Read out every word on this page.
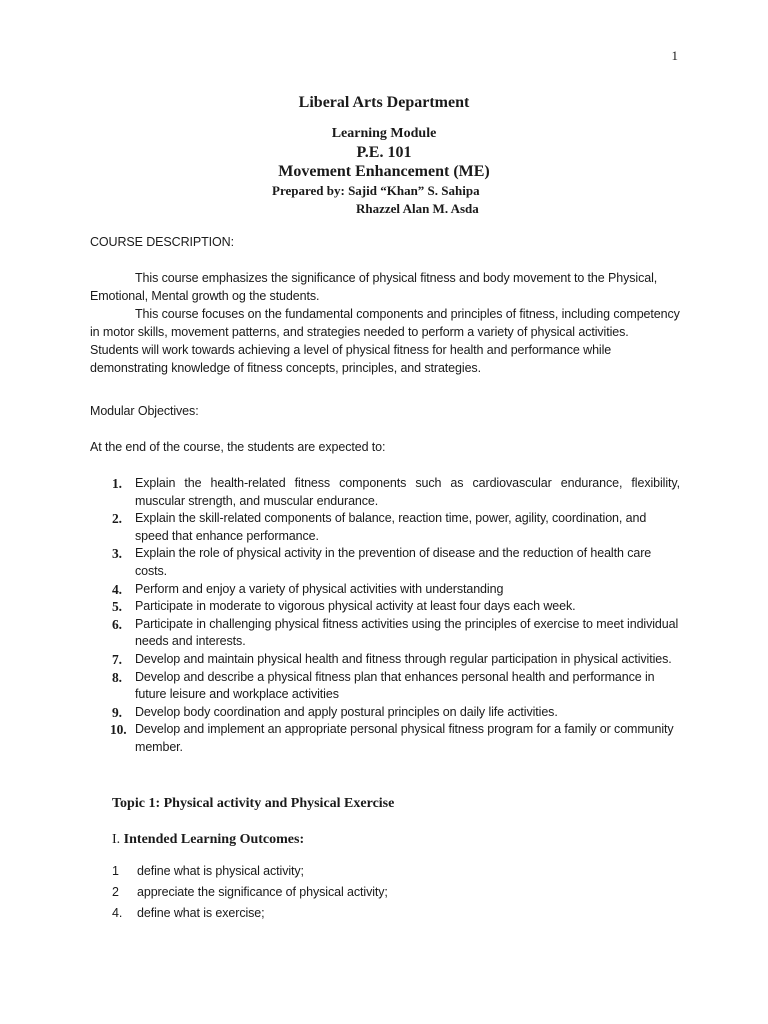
1
Liberal Arts Department
Learning Module
P.E. 101
Movement Enhancement (ME)
Prepared by: Sajid “Khan” S. Sahipa
Rhazzel Alan M. Asda
COURSE DESCRIPTION:

This course emphasizes the significance of physical fitness and body movement to the Physical, Emotional, Mental growth og the students.

This course focuses on the fundamental components and principles of fitness, including competency in motor skills, movement patterns, and strategies needed to perform a variety of physical activities. Students will work towards achieving a level of physical fitness for health and performance while demonstrating knowledge of fitness concepts, principles, and strategies.

Modular Objectives:
At the end of the course, the students are expected to:
1. Explain the health-related fitness components such as cardiovascular endurance, flexibility, muscular strength, and muscular endurance.
2. Explain the skill-related components of balance, reaction time, power, agility, coordination, and speed that enhance performance.
3. Explain the role of physical activity in the prevention of disease and the reduction of health care costs.
4. Perform and enjoy a variety of physical activities with understanding
5. Participate in moderate to vigorous physical activity at least four days each week.
6. Participate in challenging physical fitness activities using the principles of exercise to meet individual needs and interests.
7. Develop and maintain physical health and fitness through regular participation in physical activities.
8. Develop and describe a physical fitness plan that enhances personal health and performance in future leisure and workplace activities
9. Develop body coordination and apply postural principles on daily life activities.
10. Develop and implement an appropriate personal physical fitness program for a family or community member.
Topic 1: Physical activity and Physical Exercise
I. Intended Learning Outcomes:
1 define what is physical activity;
2 appreciate the significance of physical activity;
4. define what is exercise;
